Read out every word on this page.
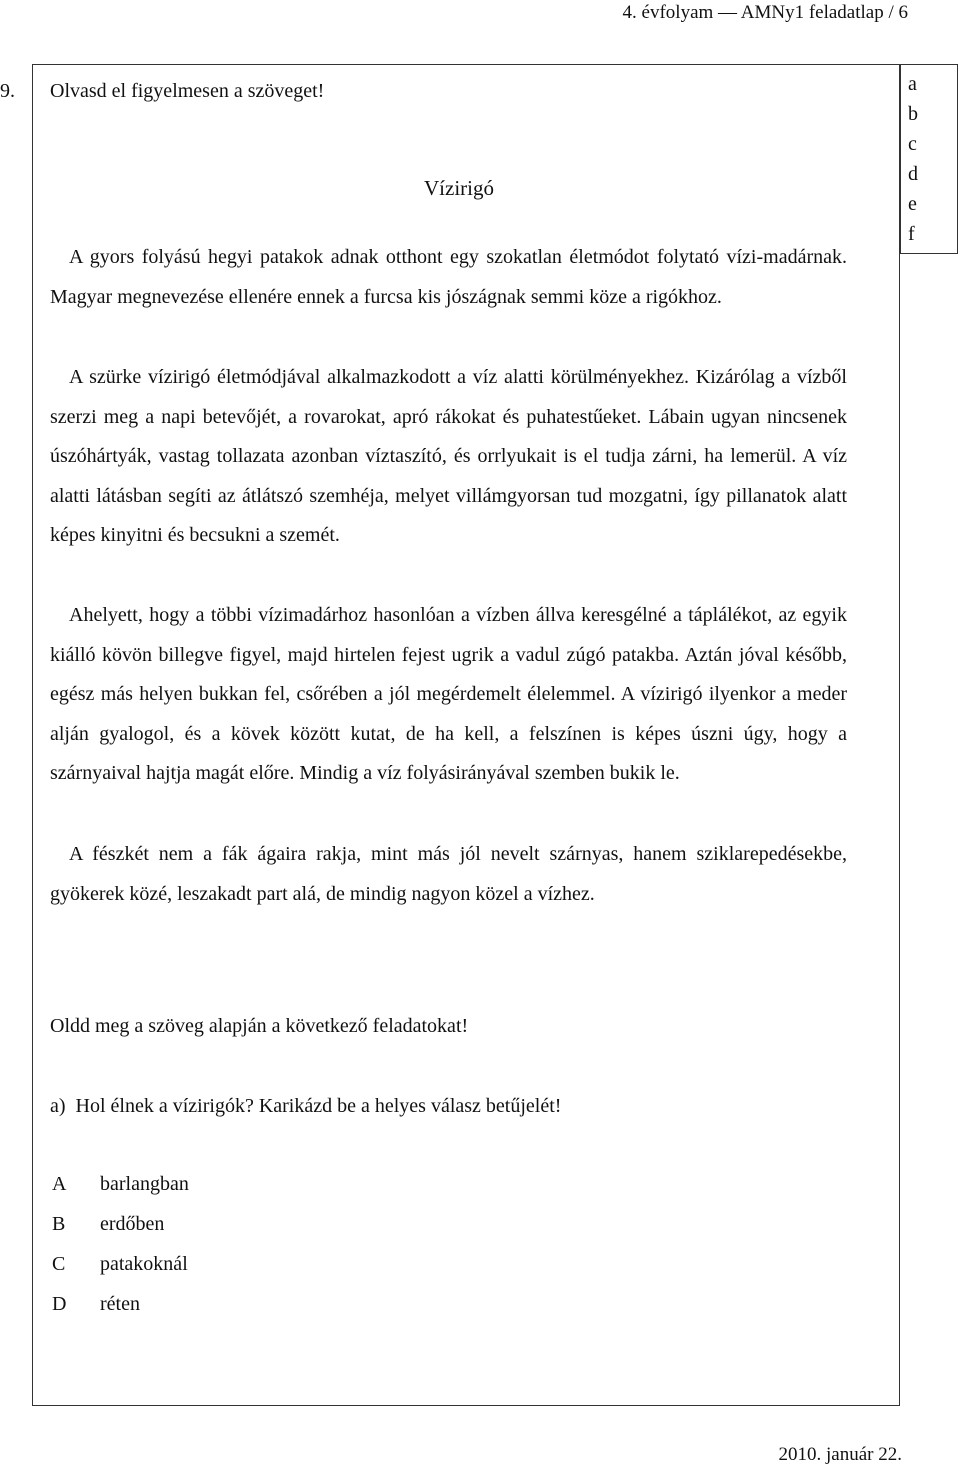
4. évfolyam — AMNy1 feladatlap / 6
a
b
c
d
e
f
9. Olvasd el figyelmesen a szöveget!
Vízirigó

A gyors folyású hegyi patakok adnak otthont egy szokatlan életmódot folytató vízi-madárnak. Magyar megnevezése ellenére ennek a furcsa kis jószágnak semmi köze a rigókhoz.

A szürke vízirigó életmódjával alkalmazkodott a víz alatti körülményekhez. Kizárólag a vízből szerzi meg a napi betevőjét, a rovarokat, apró rákokat és puhatestűeket. Lábain ugyan nincsenek úszóhártyák, vastag tollazata azonban víztaszító, és orrlyukait is el tudja zárni, ha lemerül. A víz alatti látásban segíti az átlátszó szemhéja, melyet villámgyorsan tud mozgatni, így pillanatok alatt képes kinyitni és becsukni a szemét.

Ahelyett, hogy a többi vízimadárhoz hasonlóan a vízben állva keresgélné a táplálékot, az egyik kiálló kövön billegve figyel, majd hirtelen fejest ugrik a vadul zúgó patakba. Aztán jóval később, egész más helyen bukkan fel, csőrében a jól megérdemelt élelemmel. A vízirigó ilyenkor a meder alján gyalogol, és a kövek között kutat, de ha kell, a felszínen is képes úszni úgy, hogy a szárnyaival hajtja magát előre. Mindig a víz folyásirányával szemben bukik le.

A fészkét nem a fák ágaira rakja, mint más jól nevelt szárnyas, hanem sziklarepedésekbe, gyökerek közé, leszakadt part alá, de mindig nagyon közel a vízhez.

Oldd meg a szöveg alapján a következő feladatokat!
a) Hol élnek a vízirigók? Karikázd be a helyes válasz betűjelét!
A barlangban
B erdőben
C patakoknál
D réten
2010. január 22.
